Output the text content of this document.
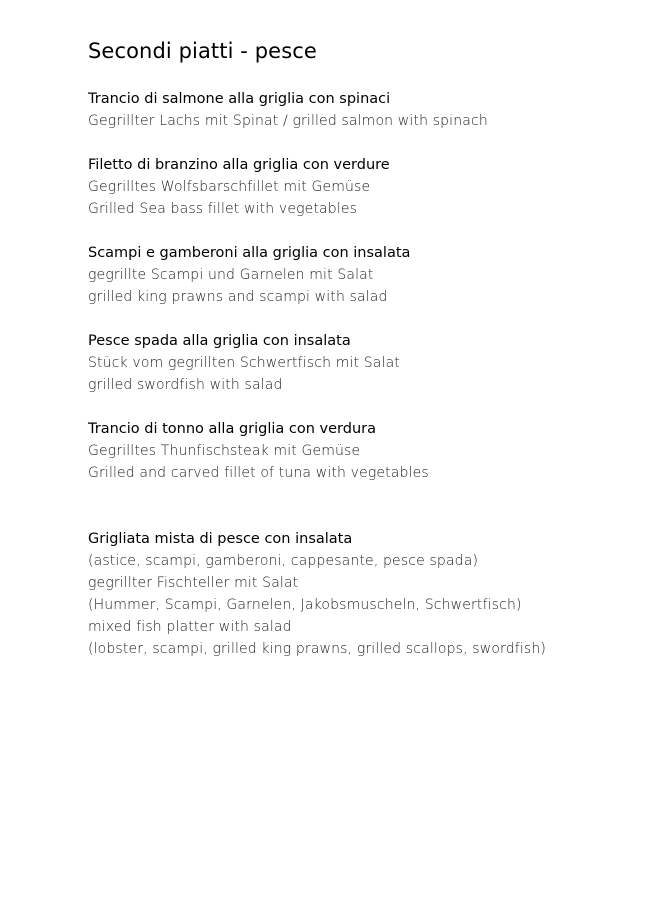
Secondi piatti - pesce

Trancio di salmone alla griglia con spinaci

Gegrillter Lachs mit Spinat / grilled salmon with spinach

Filetto di branzino alla griglia con verdure

Gegrilltes Wolfsbarschfillet mit Gemüse

Grilled Sea bass fillet with vegetables

Scampi e gamberoni alla griglia con insalata

gegrillte Scampi und Garnelen mit Salat

grilled king prawns and scampi with salad

Pesce spada alla griglia con insalata

Stück vom gegrillten Schwertfisch mit Salat

grilled swordfish with salad

Trancio di tonno alla griglia con verdura

Gegrilltes Thunfischsteak mit Gemüse

Grilled and carved fillet of tuna with vegetables

Grigliata mista di pesce con insalata

(astice, scampi, gamberoni, cappesante, pesce spada)

gegrillter Fischteller mit Salat

(Hummer, Scampi, Garnelen, Jakobsmuscheln, Schwertfisch)

mixed fish platter with salad

(lobster, scampi, grilled king prawns, grilled scallops, swordfish)
